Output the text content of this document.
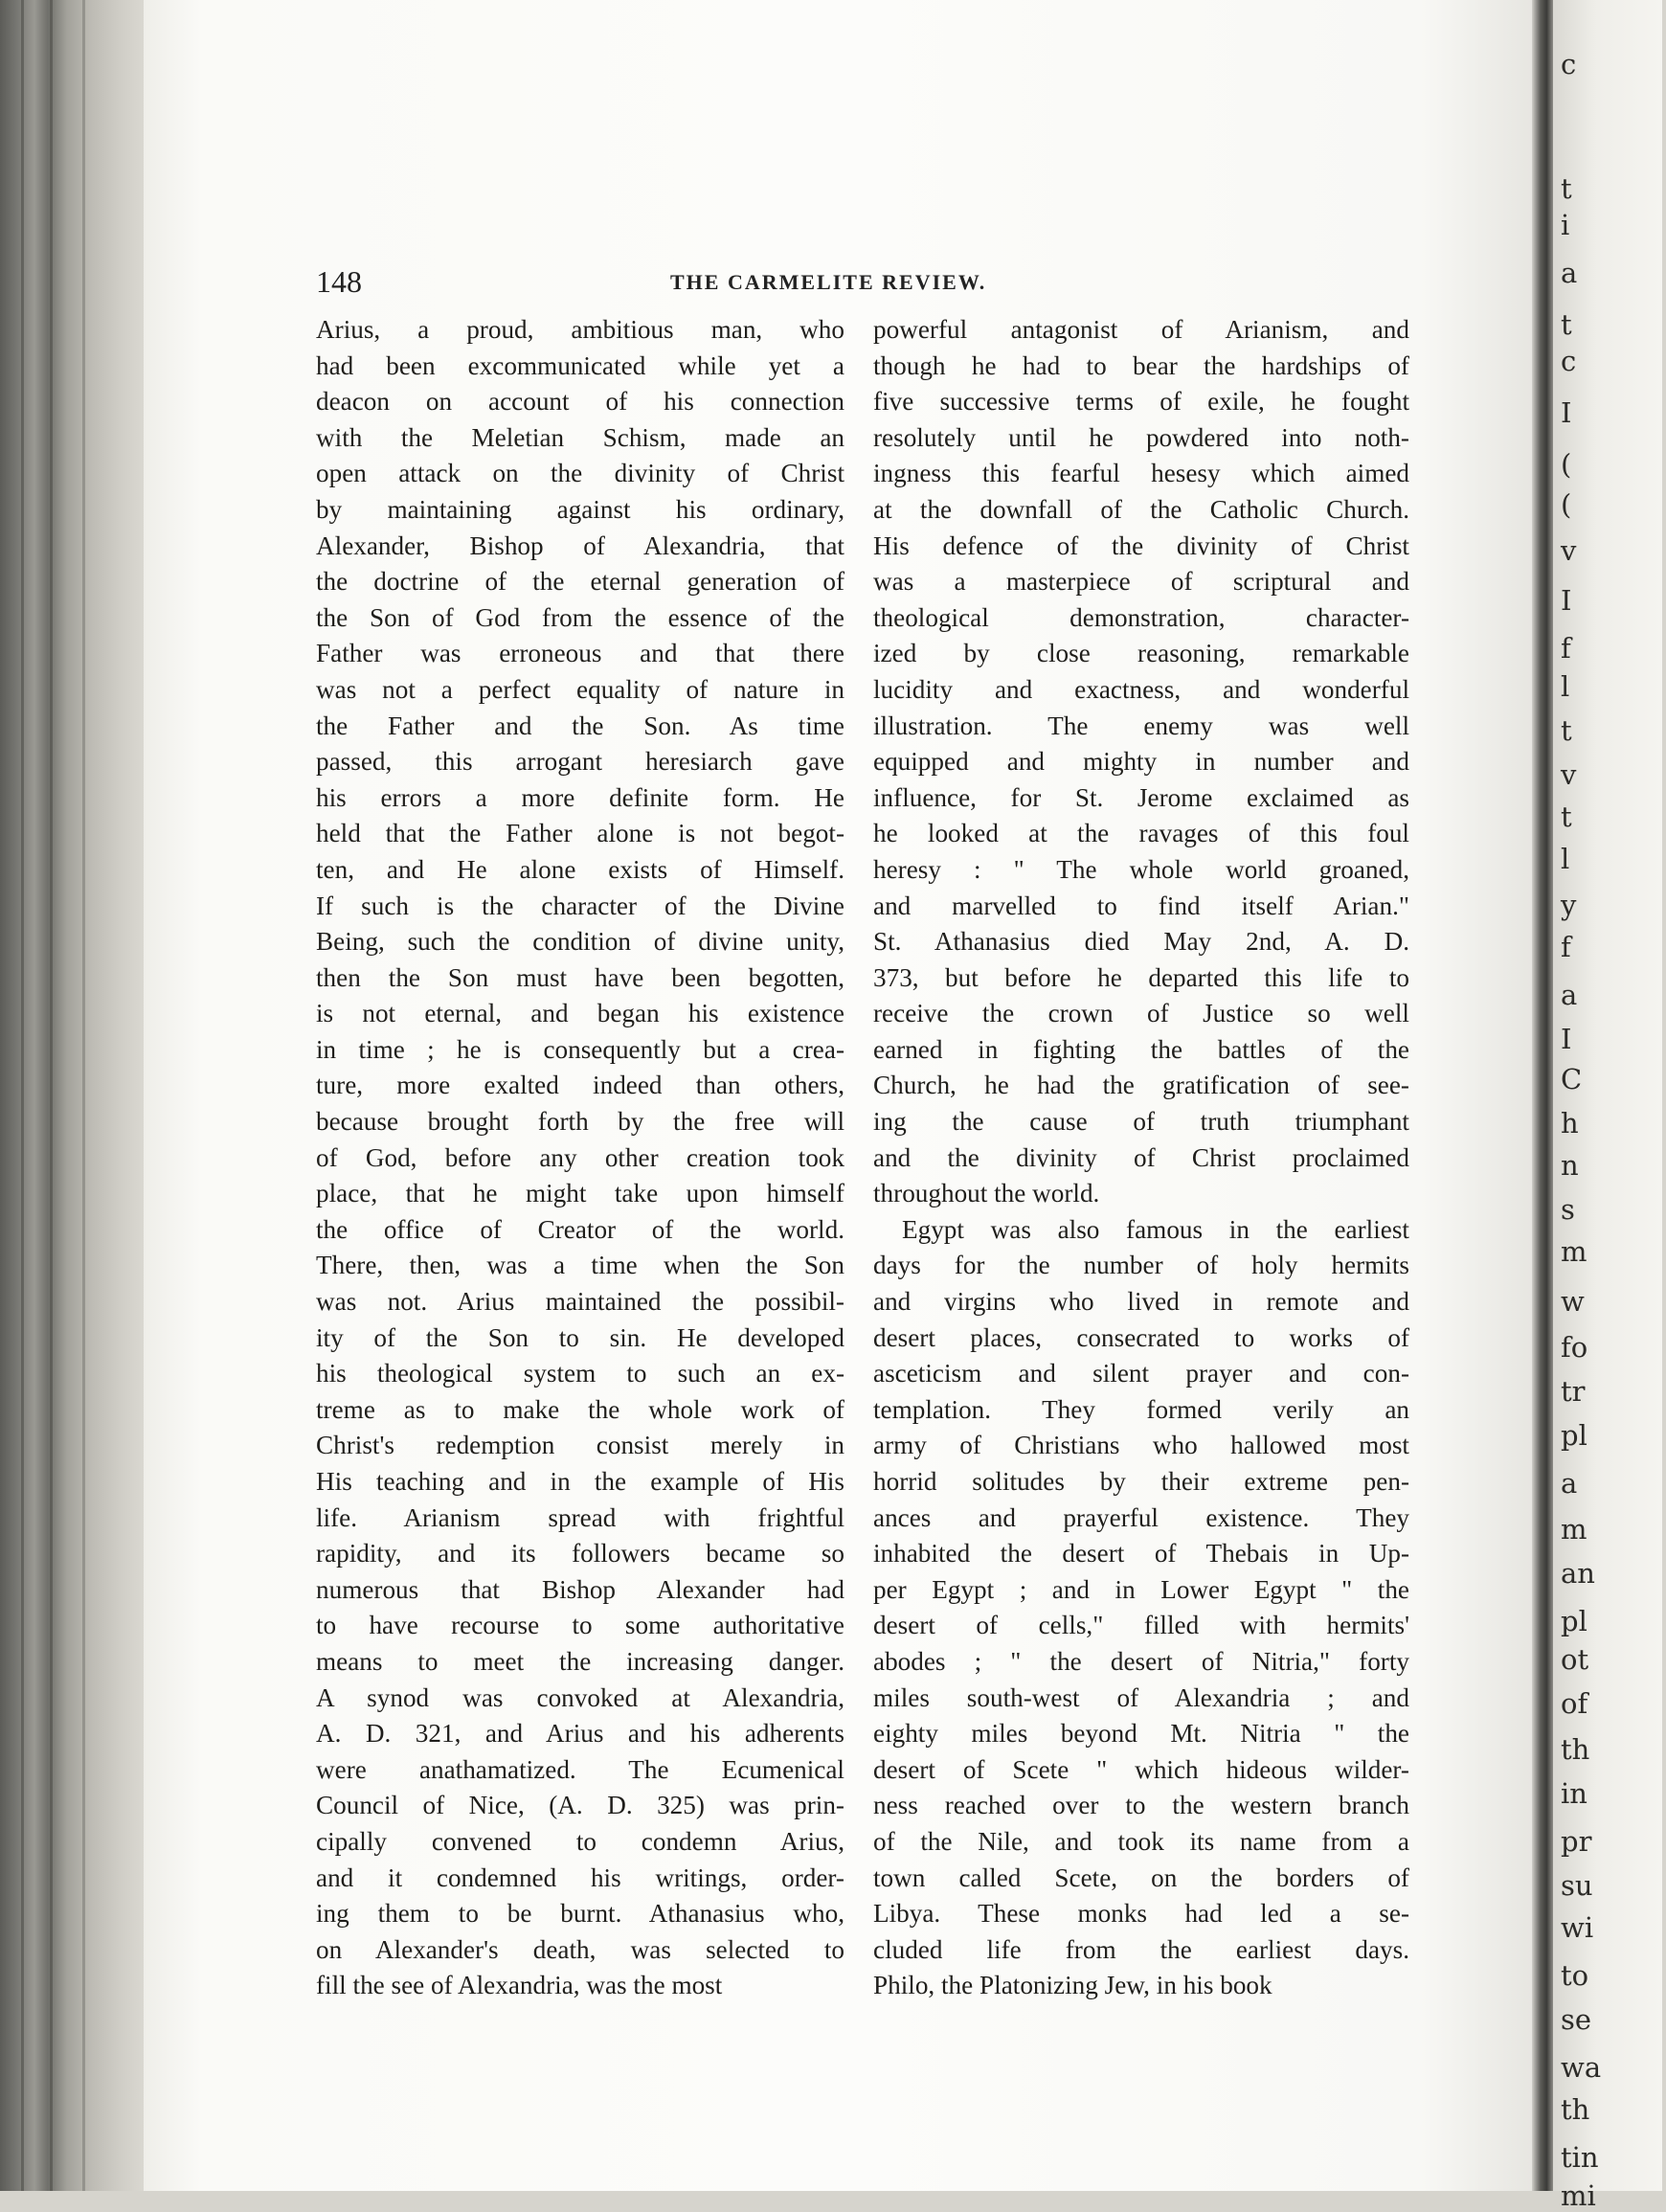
148	THE CARMELITE REVIEW.
Arius, a proud, ambitious man, who
had been excommunicated while yet a
deacon on account of his connection
with the Meletian Schism, made an
open attack on the divinity of Christ
by maintaining against his ordinary,
Alexander, Bishop of Alexandria, that
the doctrine of the eternal generation of
the Son of God from the essence of the
Father was erroneous and that there
was not a perfect equality of nature in
the Father and the Son. As time
passed, this arrogant heresiarch gave
his errors a more definite form. He
held that the Father alone is not begot-
ten, and He alone exists of Himself.
If such is the character of the Divine
Being, such the condition of divine unity,
then the Son must have been begotten,
is not eternal, and began his existence
in time ; he is consequently but a crea-
ture, more exalted indeed than others,
because brought forth by the free will
of God, before any other creation took
place, that he might take upon himself
the office of Creator of the world.
There, then, was a time when the Son
was not. Arius maintained the possibil-
ity of the Son to sin. He developed
his theological system to such an ex-
treme as to make the whole work of
Christ's redemption consist merely in
His teaching and in the example of His
life. Arianism spread with frightful
rapidity, and its followers became so
numerous that Bishop Alexander had
to have recourse to some authoritative
means to meet the increasing danger.
A synod was convoked at Alexandria,
A. D. 321, and Arius and his adherents
were anathamatized. The Ecumenical
Council of Nice, (A. D. 325) was prin-
cipally convened to condemn Arius,
and it condemned his writings, order-
ing them to be burnt. Athanasius who,
on Alexander's death, was selected to
fill the see of Alexandria, was the most
powerful antagonist of Arianism, and
though he had to bear the hardships of
five successive terms of exile, he fought
resolutely until he powdered into noth-
ingness this fearful hesesy which aimed
at the downfall of the Catholic Church.
His defence of the divinity of Christ
was a masterpiece of scriptural and
theological demonstration, character-
ized by close reasoning, remarkable
lucidity and exactness, and wonderful
illustration. The enemy was well
equipped and mighty in number and
influence, for St. Jerome exclaimed as
he looked at the ravages of this foul
heresy : " The whole world groaned,
and marvelled to find itself Arian."
St. Athanasius died May 2nd, A. D.
373, but before he departed this life to
receive the crown of Justice so well
earned in fighting the battles of the
Church, he had the gratification of see-
ing the cause of truth triumphant
and the divinity of Christ proclaimed
throughout the world.
Egypt was also famous in the earliest
days for the number of holy hermits
and virgins who lived in remote and
desert places, consecrated to works of
asceticism and silent prayer and con-
templation. They formed verily an
army of Christians who hallowed most
horrid solitudes by their extreme pen-
ances and prayerful existence. They
inhabited the desert of Thebais in Up-
per Egypt ; and in Lower Egypt " the
desert of cells," filled with hermits'
abodes ; " the desert of Nitria," forty
miles south-west of Alexandria ; and
eighty miles beyond Mt. Nitria " the
desert of Scete " which hideous wilder-
ness reached over to the western branch
of the Nile, and took its name from a
town called Scete, on the borders of
Libya. These monks had led a se-
cluded life from the earliest days.
Philo, the Platonizing Jew, in his book
c
t
i
a
t
c
I
(
(
v
I
f
l
t
v
t
l
y
f
a
I
C
h
n
s
m
w
fo
tr
pl
a
m
an
pl
ot
of
th
in
pr
su
wi
to
se
wa
th
tin
mi
